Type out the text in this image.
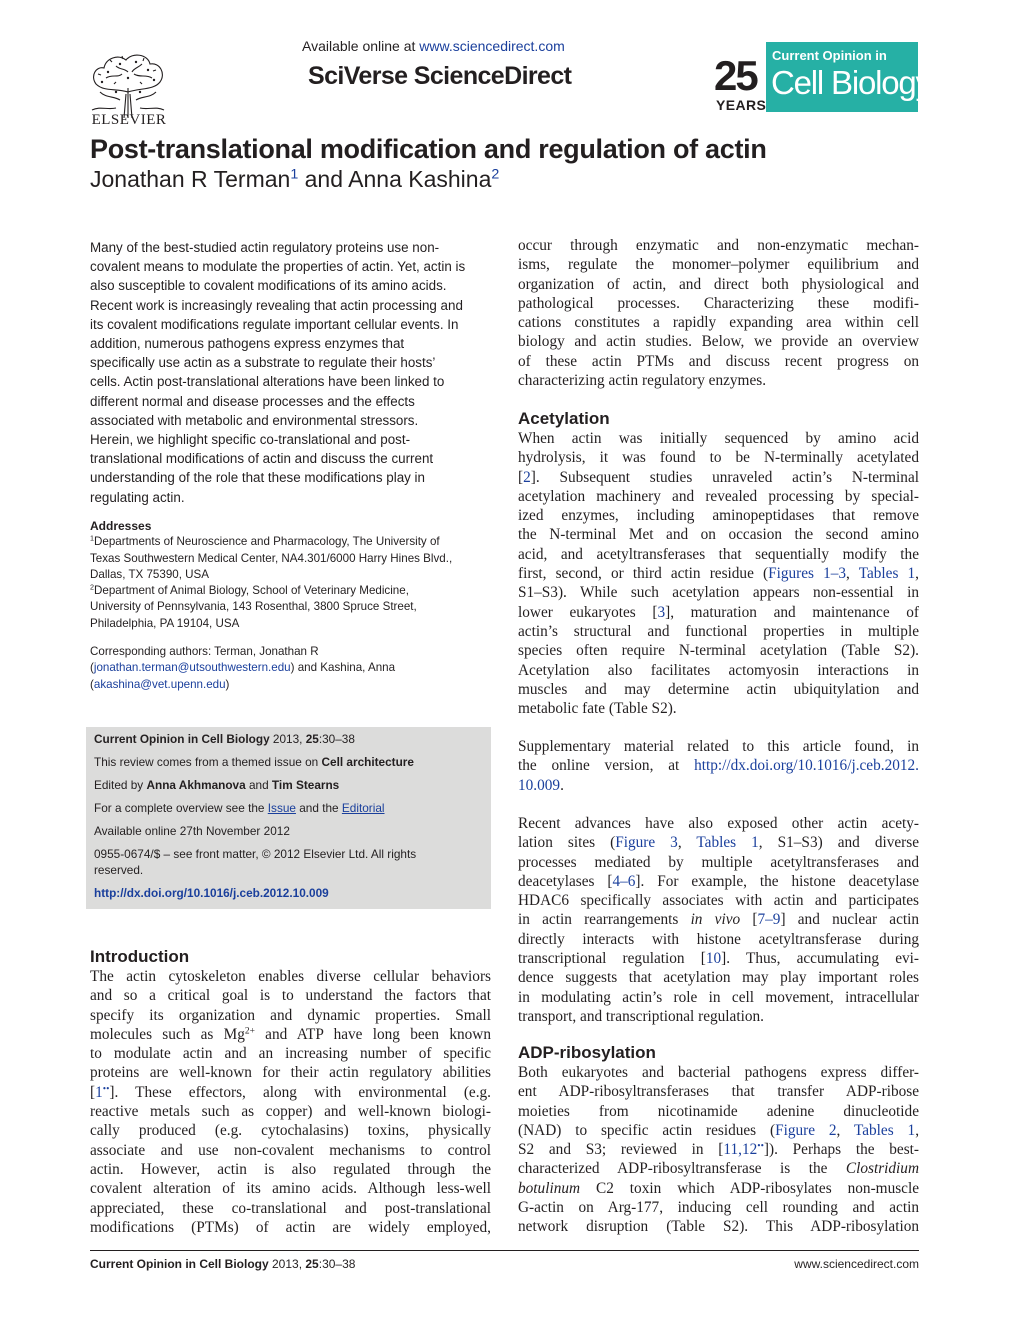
ELSEVIER
Available online at www.sciencedirect.com
SciVerse ScienceDirect	25
YEARS
Current Opinion in
Cell Biology
Post-translational modification and regulation of actin
Jonathan R Terman$^1$ and Anna Kashina$^2$
Many of the best-studied actin regulatory proteins use non-
covalent means to modulate the properties of actin. Yet, actin is
also susceptible to covalent modifications of its amino acids.
Recent work is increasingly revealing that actin processing and
its covalent modifications regulate important cellular events. In
addition, numerous pathogens express enzymes that
specifically use actin as a substrate to regulate their hosts’
cells. Actin post-translational alterations have been linked to
different normal and disease processes and the effects
associated with metabolic and environmental stressors.
Herein, we highlight specific co-translational and post-
translational modifications of actin and discuss the current
understanding of the role that these modifications play in
regulating actin.
Addresses
$^1$Departments of Neuroscience and Pharmacology, The University of
Texas Southwestern Medical Center, NA4.301/6000 Harry Hines Blvd.,
Dallas, TX 75390, USA
$^2$Department of Animal Biology, School of Veterinary Medicine,
University of Pennsylvania, 143 Rosenthal, 3800 Spruce Street,
Philadelphia, PA 19104, USA
Corresponding authors: Terman, Jonathan R
(jonathan.terman@utsouthwestern.edu) and Kashina, Anna
(akashina@vet.upenn.edu)
Current Opinion in Cell Biology 2013, 25:30–38
This review comes from a themed issue on Cell architecture
Edited by Anna Akhmanova and Tim Stearns
For a complete overview see the Issue and the Editorial
Available online 27th November 2012
0955-0674/$ – see front matter, © 2012 Elsevier Ltd. All rights
reserved.
http://dx.doi.org/10.1016/j.ceb.2012.10.009
Introduction
The actin cytoskeleton enables diverse cellular behaviors
and so a critical goal is to understand the factors that
specify its organization and dynamic properties. Small
molecules such as $Mg^{2+}$ and ATP have long been known
to modulate actin and an increasing number of specific
proteins are well-known for their actin regulatory abilities
[1••]. These effectors, along with environmental (e.g.
reactive metals such as copper) and well-known biologi-
cally produced (e.g. cytochalasins) toxins, physically
associate and use non-covalent mechanisms to control
actin. However, actin is also regulated through the
covalent alteration of its amino acids. Although less-well
appreciated, these co-translational and post-translational
modifications (PTMs) of actin are widely employed,
occur through enzymatic and non-enzymatic mechan-
isms, regulate the monomer–polymer equilibrium and
organization of actin, and direct both physiological and
pathological processes. Characterizing these modifi-
cations constitutes a rapidly expanding area within cell
biology and actin studies. Below, we provide an overview
of these actin PTMs and discuss recent progress on
characterizing actin regulatory enzymes.
Acetylation
When actin was initially sequenced by amino acid
hydrolysis, it was found to be N-terminally acetylated
[2]. Subsequent studies unraveled actin’s N-terminal
acetylation machinery and revealed processing by special-
ized enzymes, including aminopeptidases that remove
the N-terminal Met and on occasion the second amino
acid, and acetyltransferases that sequentially modify the
first, second, or third actin residue (Figures 1–3, Tables 1,
S1–S3). While such acetylation appears non-essential in
lower eukaryotes [3], maturation and maintenance of
actin’s structural and functional properties in multiple
species often require N-terminal acetylation (Table S2).
Acetylation also facilitates actomyosin interactions in
muscles and may determine actin ubiquitylation and
metabolic fate (Table S2).
Supplementary material related to this article found, in
the online version, at http://dx.doi.org/10.1016/j.ceb.2012.
10.009.
Recent advances have also exposed other actin acety-
lation sites (Figure 3, Tables 1, S1–S3) and diverse
processes mediated by multiple acetyltransferases and
deacetylases [4–6]. For example, the histone deacetylase
HDAC6 specifically associates with actin and participates
in actin rearrangements in vivo [7–9] and nuclear actin
directly interacts with histone acetyltransferase during
transcriptional regulation [10]. Thus, accumulating evi-
dence suggests that acetylation may play important roles
in modulating actin’s role in cell movement, intracellular
transport, and transcriptional regulation.
ADP-ribosylation
Both eukaryotes and bacterial pathogens express differ-
ent ADP-ribosyltransferases that transfer ADP-ribose
moieties from nicotinamide adenine dinucleotide
(NAD) to specific actin residues (Figure 2, Tables 1,
S2 and S3; reviewed in [11,12••]). Perhaps the best-
characterized ADP-ribosyltransferase is the Clostridium
botulinum C2 toxin which ADP-ribosylates non-muscle
G-actin on Arg-177, inducing cell rounding and actin
network disruption (Table S2). This ADP-ribosylation
Current Opinion in Cell Biology 2013, 25:30–38	www.sciencedirect.com
